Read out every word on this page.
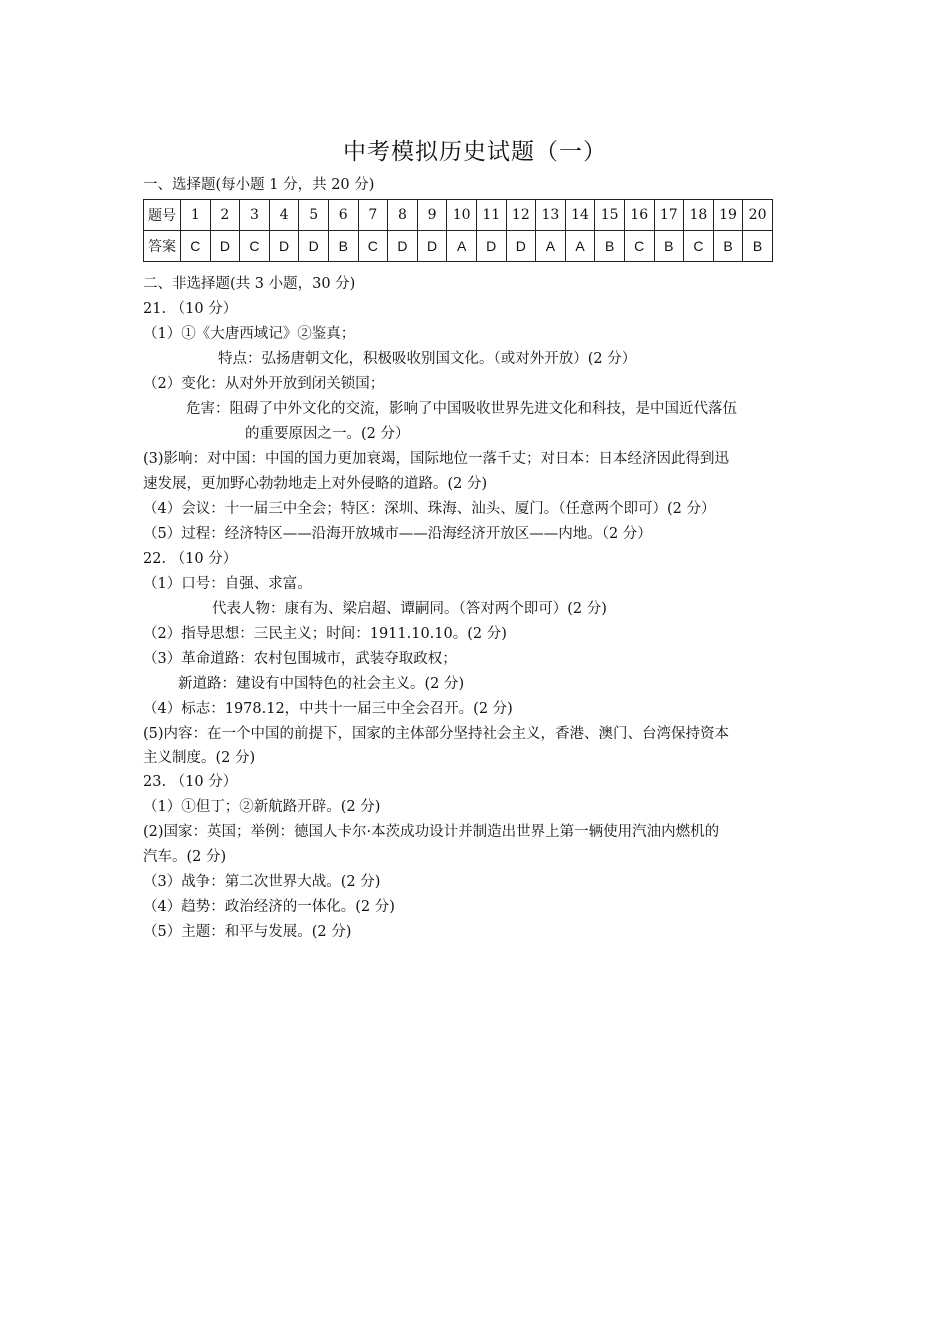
中考模拟历史试题（一）
一、选择题(每小题 1 分，共 20 分)
题号	1	2	3	4	5	6	7	8	9	10	11	12	13	14	15	16	17	18	19	20
答案	C	D	C	D	D	B	C	D	D	A	D	D	A	A	B	C	B	C	B	B
二、非选择题(共 3 小题，30 分)
21. （10 分）
（1）①《大唐西域记》②鉴真；
特点：弘扬唐朝文化，积极吸收别国文化。（或对外开放）(2 分）
（2）变化：从对外开放到闭关锁国；
危害：阻碍了中外文化的交流，影响了中国吸收世界先进文化和科技，是中国近代落伍
的重要原因之一。(2 分）
(3)影响：对中国：中国的国力更加衰竭，国际地位一落千丈；对日本：日本经济因此得到迅
速发展，更加野心勃勃地走上对外侵略的道路。(2 分)
（4）会议：十一届三中全会；特区：深圳、珠海、汕头、厦门。（任意两个即可）(2 分）
（5）过程：经济特区——沿海开放城市——沿海经济开放区——内地。（2 分）
22. （10 分）
（1）口号：自强、求富。
代表人物：康有为、梁启超、谭嗣同。（答对两个即可）(2 分)
（2）指导思想：三民主义；时间：1911.10.10。(2 分)
（3）革命道路：农村包围城市，武装夺取政权；
新道路：建设有中国特色的社会主义。(2 分)
（4）标志：1978.12，中共十一届三中全会召开。(2 分)
(5)内容：在一个中国的前提下，国家的主体部分坚持社会主义，香港、澳门、台湾保持资本
主义制度。(2 分)
23. （10 分）
（1）①但丁；②新航路开辟。(2 分)
(2)国家：英国；举例：德国人卡尔·本茨成功设计并制造出世界上第一辆使用汽油内燃机的
汽车。(2 分)
（3）战争：第二次世界大战。(2 分)
（4）趋势：政治经济的一体化。(2 分)
（5）主题：和平与发展。(2 分)
